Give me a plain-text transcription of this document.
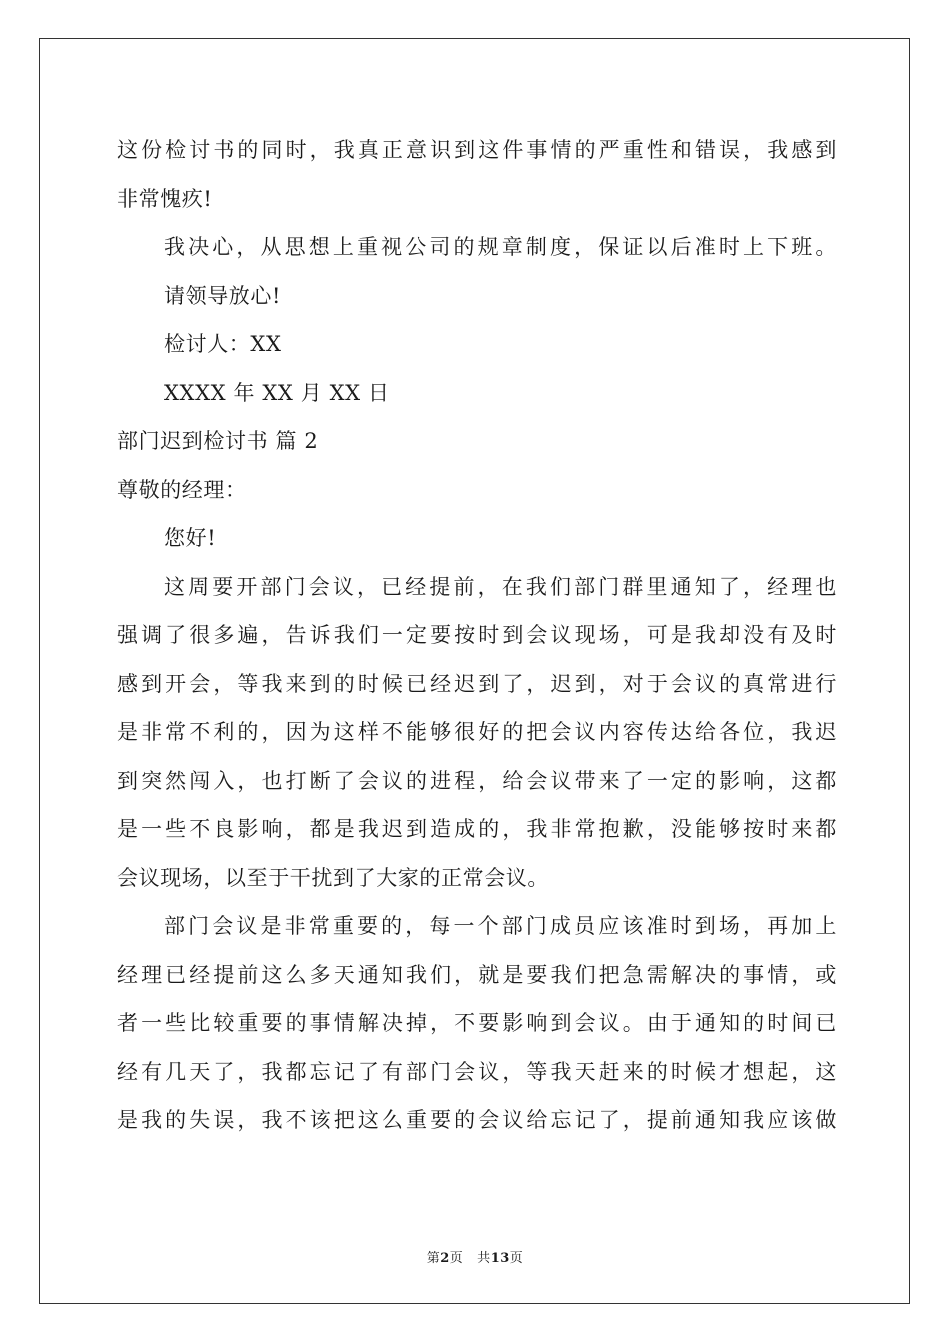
这份检讨书的同时，我真正意识到这件事情的严重性和错误，我感到
非常愧疚!
我决心，从思想上重视公司的规章制度，保证以后准时上下班。
请领导放心!
检讨人：XX
XXXX 年 XX 月 XX 日
部门迟到检讨书 篇 2
尊敬的经理：
您好!
这周要开部门会议，已经提前，在我们部门群里通知了，经理也
强调了很多遍，告诉我们一定要按时到会议现场，可是我却没有及时
感到开会，等我来到的时候已经迟到了，迟到，对于会议的真常进行
是非常不利的，因为这样不能够很好的把会议内容传达给各位，我迟
到突然闯入，也打断了会议的进程，给会议带来了一定的影响，这都
是一些不良影响，都是我迟到造成的，我非常抱歉，没能够按时来都
会议现场，以至于干扰到了大家的正常会议。
部门会议是非常重要的，每一个部门成员应该准时到场，再加上
经理已经提前这么多天通知我们，就是要我们把急需解决的事情，或
者一些比较重要的事情解决掉，不要影响到会议。由于通知的时间已
经有几天了，我都忘记了有部门会议，等我天赶来的时候才想起，这
是我的失误，我不该把这么重要的会议给忘记了，提前通知我应该做
第2页 共13页
